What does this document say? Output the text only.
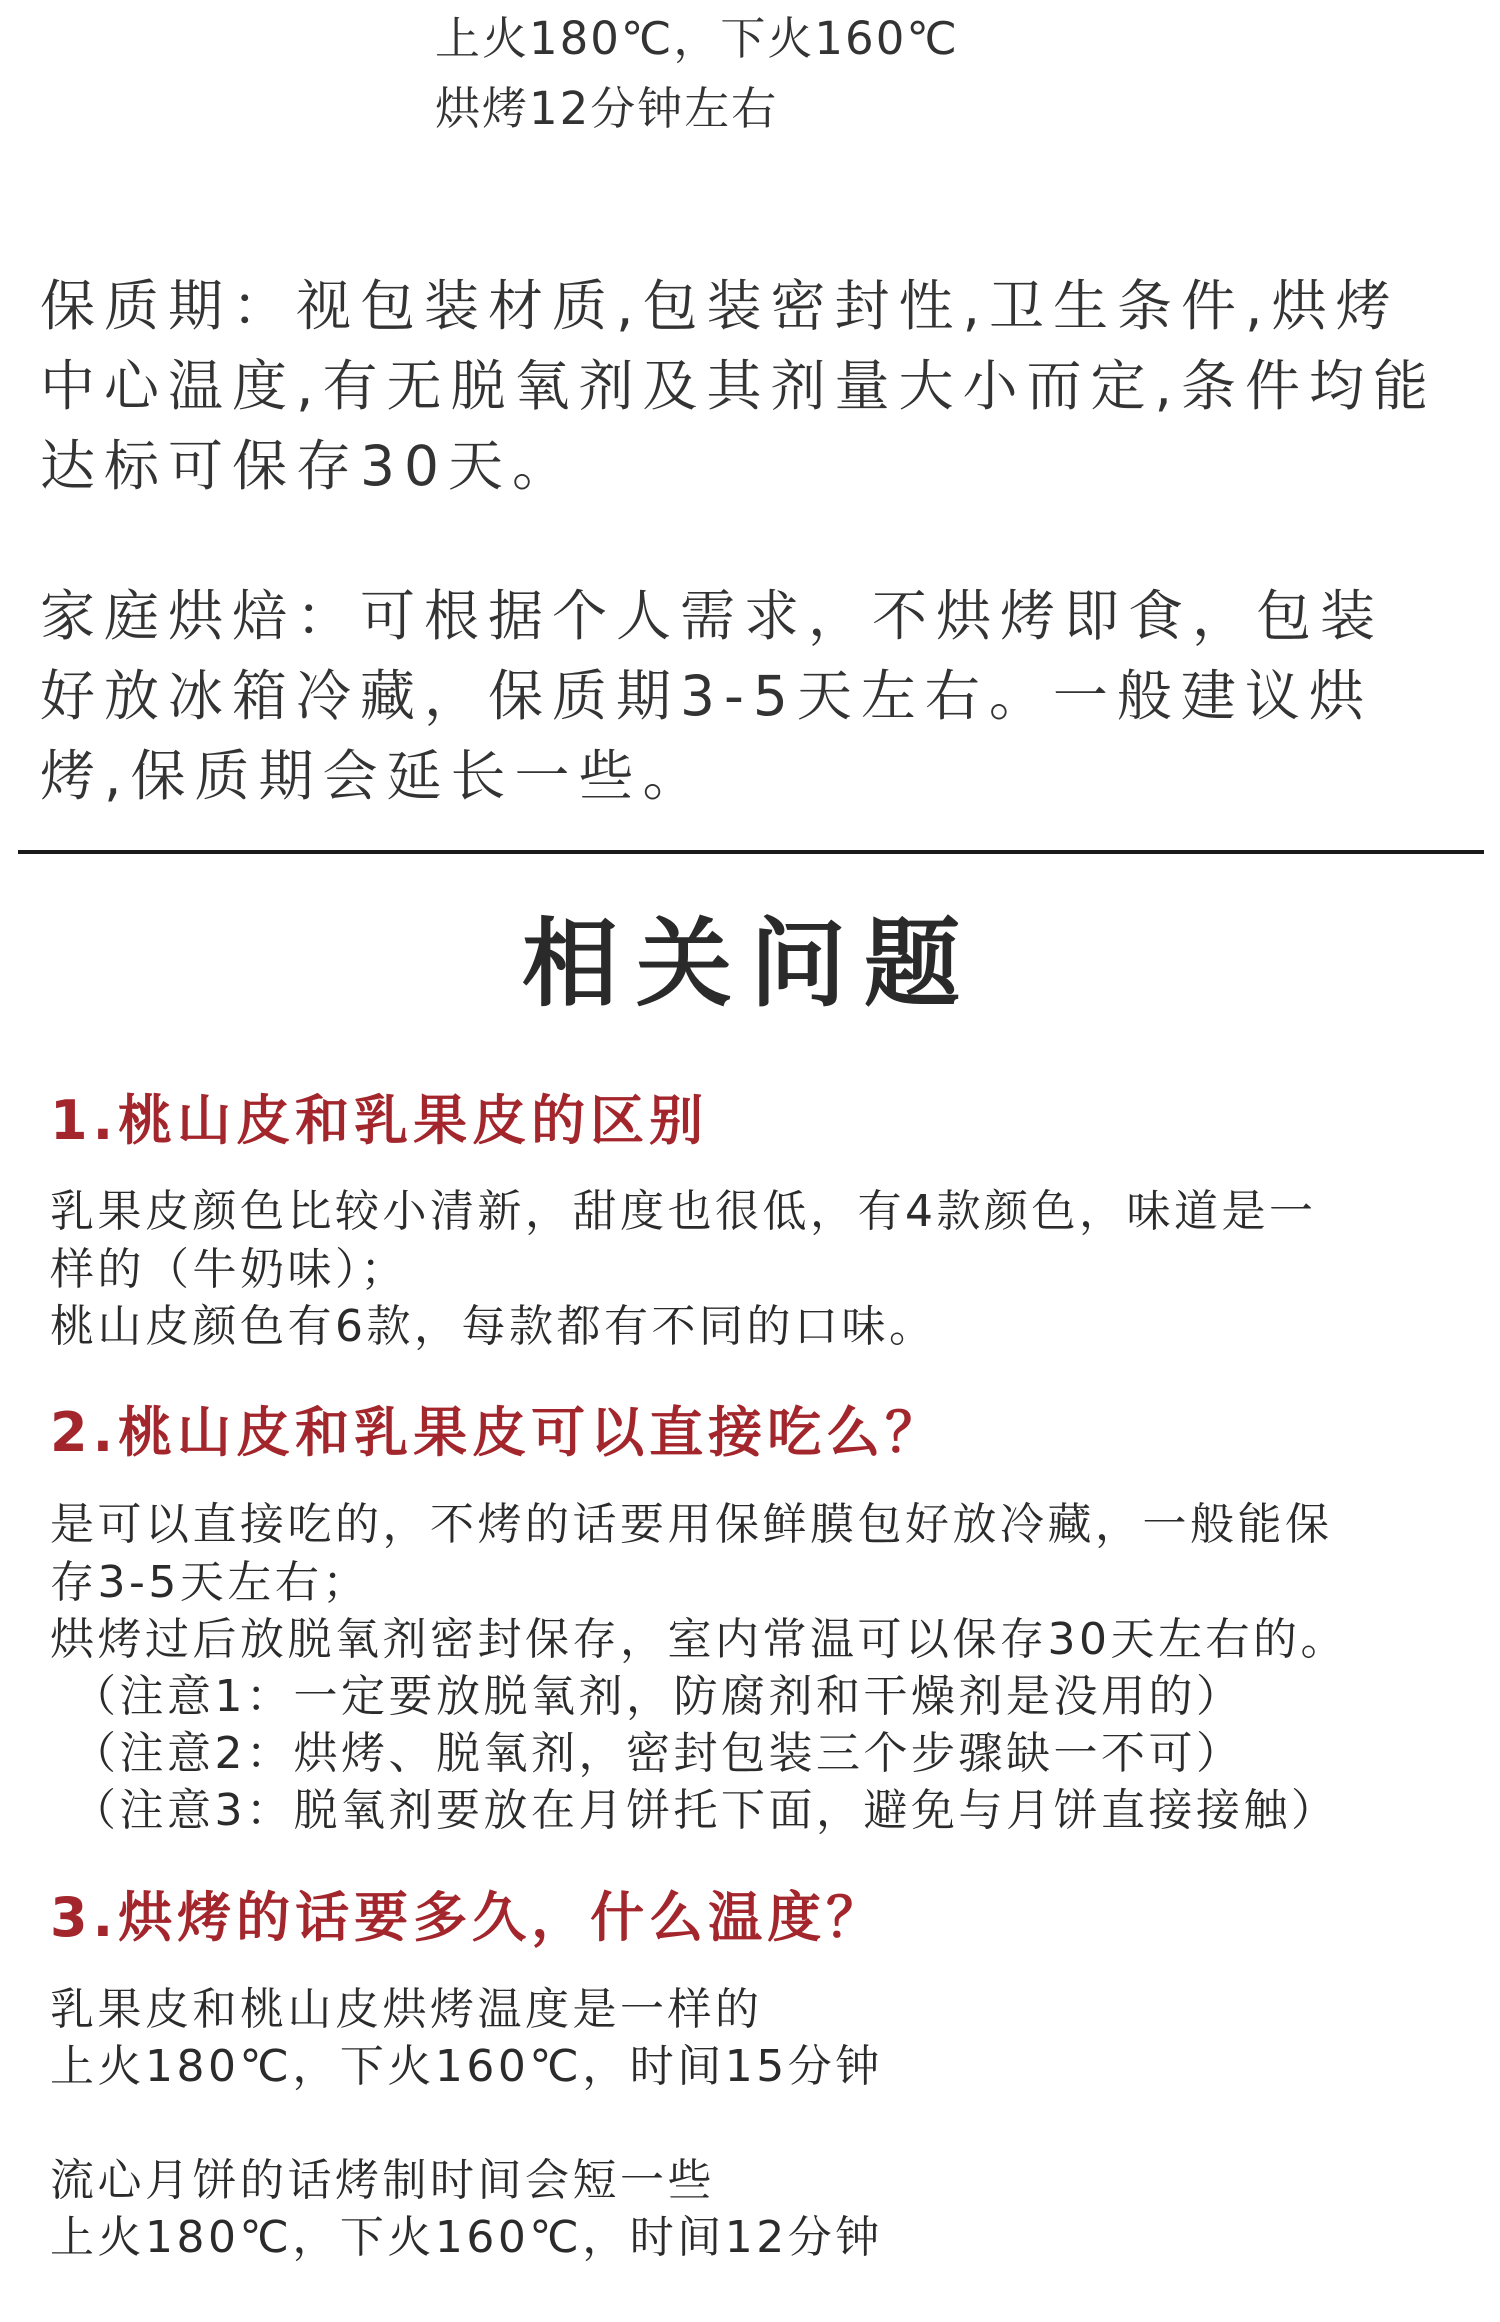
上火180℃，下火160℃
烘烤12分钟左右
保质期：视包装材质,包装密封性,卫生条件,烘烤
中心温度,有无脱氧剂及其剂量大小而定,条件均能
达标可保存30天。
家庭烘焙：可根据个人需求，不烘烤即食，包装
好放冰箱冷藏，保质期3-5天左右。一般建议烘
烤,保质期会延长一些。
相关问题
1.桃山皮和乳果皮的区别
乳果皮颜色比较小清新，甜度也很低，有4款颜色，味道是一
样的（牛奶味）；
桃山皮颜色有6款，每款都有不同的口味。
2.桃山皮和乳果皮可以直接吃么？
是可以直接吃的，不烤的话要用保鲜膜包好放冷藏，一般能保
存3-5天左右；
烘烤过后放脱氧剂密封保存，室内常温可以保存30天左右的。
（注意1：一定要放脱氧剂，防腐剂和干燥剂是没用的）
（注意2：烘烤、脱氧剂，密封包装三个步骤缺一不可）
（注意3：脱氧剂要放在月饼托下面，避免与月饼直接接触）
3.烘烤的话要多久，什么温度？
乳果皮和桃山皮烘烤温度是一样的
上火180℃，下火160℃，时间15分钟
流心月饼的话烤制时间会短一些
上火180℃，下火160℃，时间12分钟
